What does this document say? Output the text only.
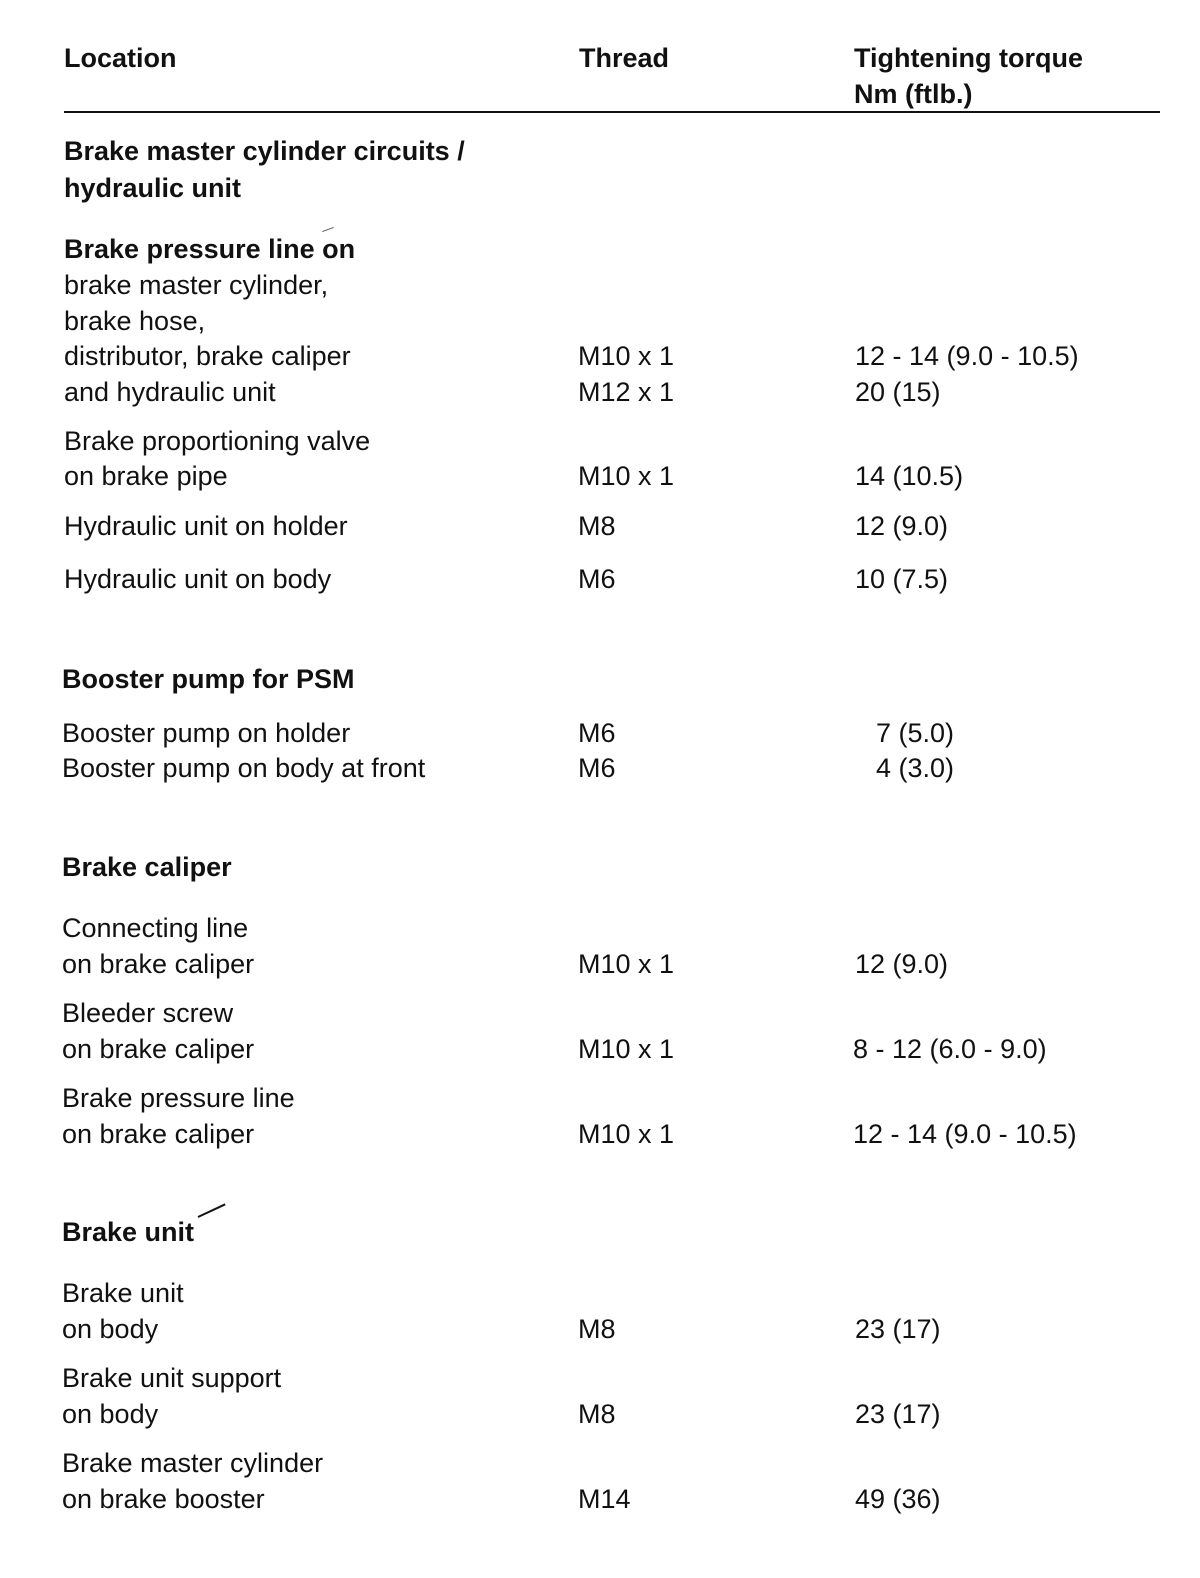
Location	Thread	Tightening torque
Nm (ftlb.)
Brake master cylinder circuits /
hydraulic unit
Brake pressure line on
brake master cylinder,
brake hose,
distributor, brake caliper	M10 x 1	12 - 14 (9.0 - 10.5)
and hydraulic unit	M12 x 1	20 (15)
Brake proportioning valve
on brake pipe	M10 x 1	14 (10.5)
Hydraulic unit on holder	M8	12 (9.0)
Hydraulic unit on body	M6	10 (7.5)
Booster pump for PSM
Booster pump on holder	M6	7 (5.0)
Booster pump on body at front	M6	4 (3.0)
Brake caliper
Connecting line
on brake caliper	M10 x 1	12 (9.0)
Bleeder screw
on brake caliper	M10 x 1	8 - 12 (6.0 - 9.0)
Brake pressure line
on brake caliper	M10 x 1	12 - 14 (9.0 - 10.5)
Brake unit
Brake unit
on body	M8	23 (17)
Brake unit support
on body	M8	23 (17)
Brake master cylinder
on brake booster	M14	49 (36)
